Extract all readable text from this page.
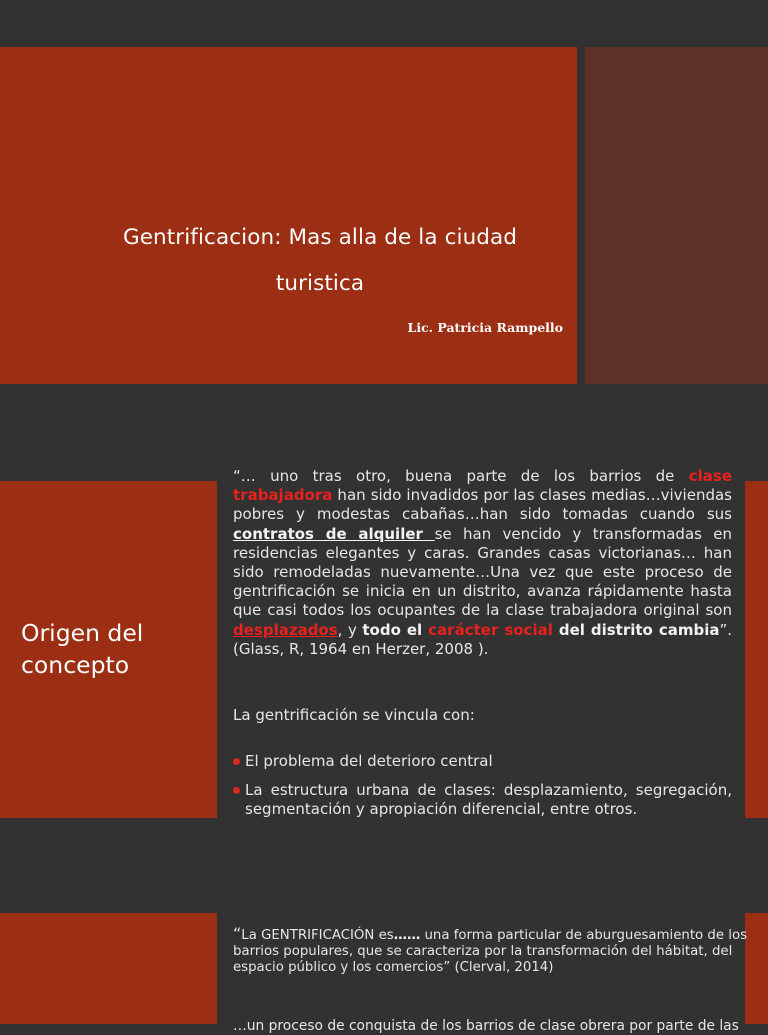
Gentrificacion: Mas alla de la ciudad
turistica
Lic. Patricia Rampello
Origen del
concepto

“… uno tras otro, buena parte de los barrios de clase trabajadora han sido invadidos por las clases medias…viviendas pobres y modestas cabañas…han sido tomadas cuando sus contratos de alquiler se han vencido y transformadas en residencias elegantes y caras. Grandes casas victorianas… han sido remodeladas nuevamente…Una vez que este proceso de gentrificación se inicia en un distrito, avanza rápidamente hasta que casi todos los ocupantes de la clase trabajadora original son desplazados, y todo el carácter social del distrito cambia”. (Glass, R, 1964 en Herzer, 2008 ).

La gentrificación se vincula con:

El problema del deterioro central
La estructura urbana de clases: desplazamiento, segregación, segmentación y apropiación diferencial, entre otros.

“La GENTRIFICACIÓN es…… una forma particular de aburguesamiento de los barrios populares, que se caracteriza por la transformación del hábitat, del espacio público y los comercios” (Clerval, 2014)

…un proceso de conquista de los barrios de clase obrera por parte de las
